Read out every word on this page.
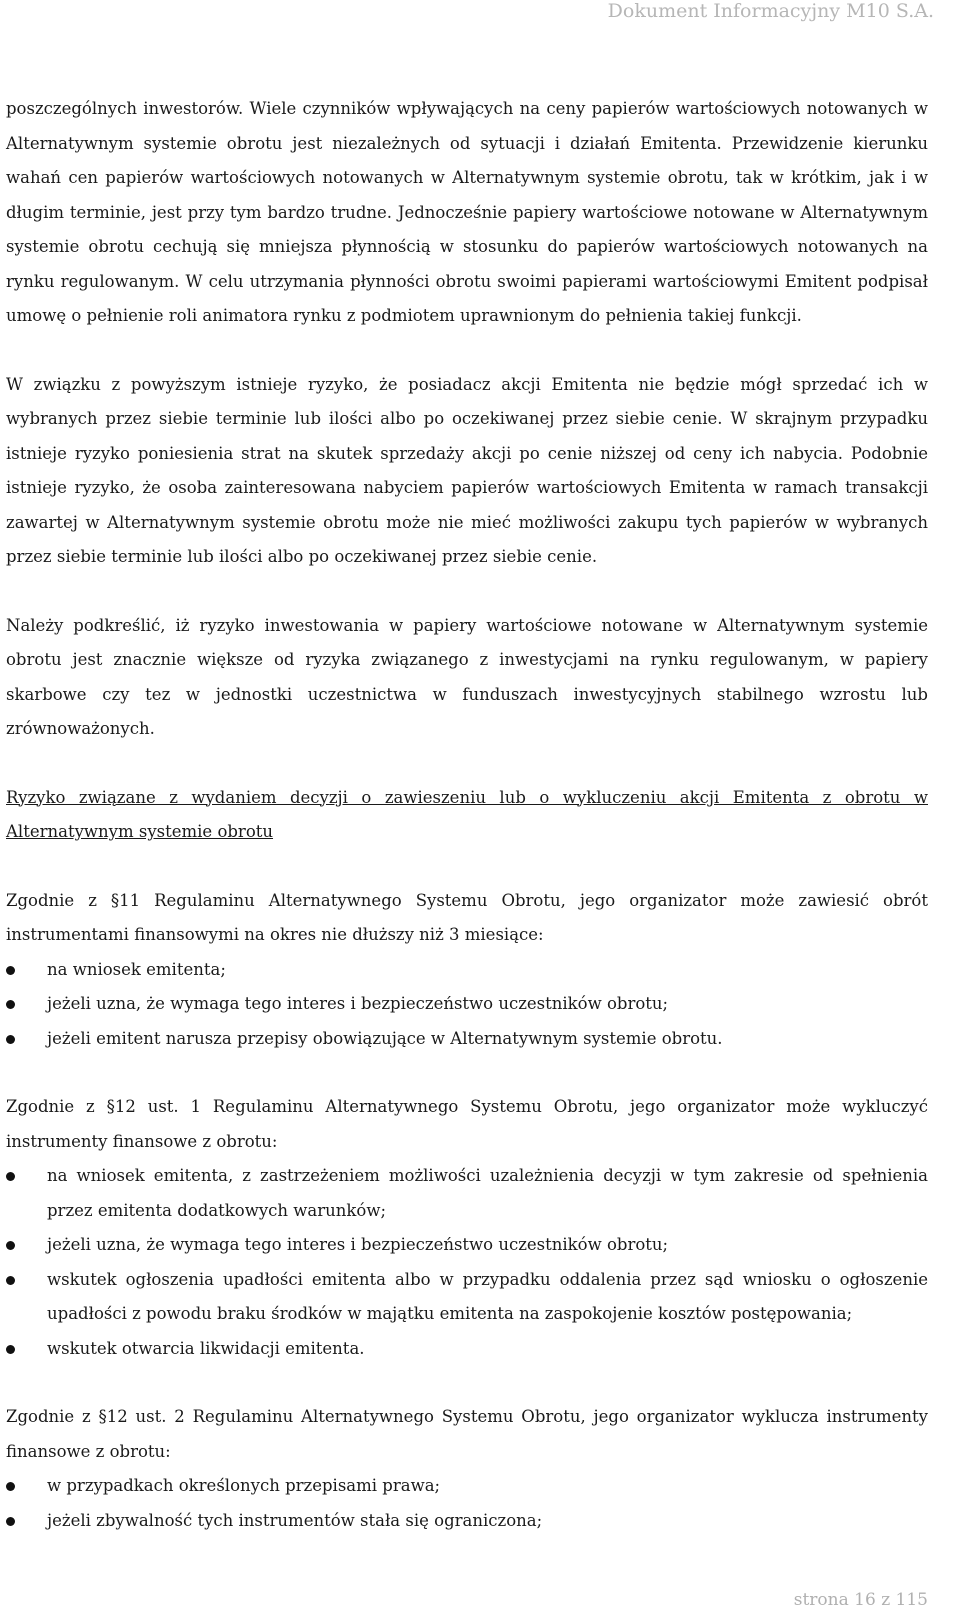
Dokument Informacyjny M10 S.A.

poszczególnych inwestorów. Wiele czynników wpływających na ceny papierów wartościowych notowanych w Alternatywnym systemie obrotu jest niezależnych od sytuacji i działań Emitenta. Przewidzenie kierunku wahań cen papierów wartościowych notowanych w Alternatywnym systemie obrotu, tak w krótkim, jak i w długim terminie, jest przy tym bardzo trudne. Jednocześnie papiery wartościowe notowane w Alternatywnym systemie obrotu cechują się mniejsza płynnością w stosunku do papierów wartościowych notowanych na rynku regulowanym. W celu utrzymania płynności obrotu swoimi papierami wartościowymi Emitent podpisał umowę o pełnienie roli animatora rynku z podmiotem uprawnionym do pełnienia takiej funkcji.

W związku z powyższym istnieje ryzyko, że posiadacz akcji Emitenta nie będzie mógł sprzedać ich w wybranych przez siebie terminie lub ilości albo po oczekiwanej przez siebie cenie. W skrajnym przypadku istnieje ryzyko poniesienia strat na skutek sprzedaży akcji po cenie niższej od ceny ich nabycia. Podobnie istnieje ryzyko, że osoba zainteresowana nabyciem papierów wartościowych Emitenta w ramach transakcji zawartej w Alternatywnym systemie obrotu może nie mieć możliwości zakupu tych papierów w wybranych przez siebie terminie lub ilości albo po oczekiwanej przez siebie cenie.

Należy podkreślić, iż ryzyko inwestowania w papiery wartościowe notowane w Alternatywnym systemie obrotu jest znacznie większe od ryzyka związanego z inwestycjami na rynku regulowanym, w papiery skarbowe czy tez w jednostki uczestnictwa w funduszach inwestycyjnych stabilnego wzrostu lub zrównoważonych.

Ryzyko związane z wydaniem decyzji o zawieszeniu lub o wykluczeniu akcji Emitenta z obrotu w Alternatywnym systemie obrotu

Zgodnie z §11 Regulaminu Alternatywnego Systemu Obrotu, jego organizator może zawiesić obrót instrumentami finansowymi na okres nie dłuższy niż 3 miesiące:

na wniosek emitenta;
jeżeli uzna, że wymaga tego interes i bezpieczeństwo uczestników obrotu;
jeżeli emitent narusza przepisy obowiązujące w Alternatywnym systemie obrotu.

Zgodnie z §12 ust. 1 Regulaminu Alternatywnego Systemu Obrotu, jego organizator może wykluczyć instrumenty finansowe z obrotu:

na wniosek emitenta, z zastrzeżeniem możliwości uzależnienia decyzji w tym zakresie od spełnienia przez emitenta dodatkowych warunków;
jeżeli uzna, że wymaga tego interes i bezpieczeństwo uczestników obrotu;
wskutek ogłoszenia upadłości emitenta albo w przypadku oddalenia przez sąd wniosku o ogłoszenie upadłości z powodu braku środków w majątku emitenta na zaspokojenie kosztów postępowania;
wskutek otwarcia likwidacji emitenta.

Zgodnie z §12 ust. 2 Regulaminu Alternatywnego Systemu Obrotu, jego organizator wyklucza instrumenty finansowe z obrotu:

w przypadkach określonych przepisami prawa;
jeżeli zbywalność tych instrumentów stała się ograniczona;
strona 16 z 115
